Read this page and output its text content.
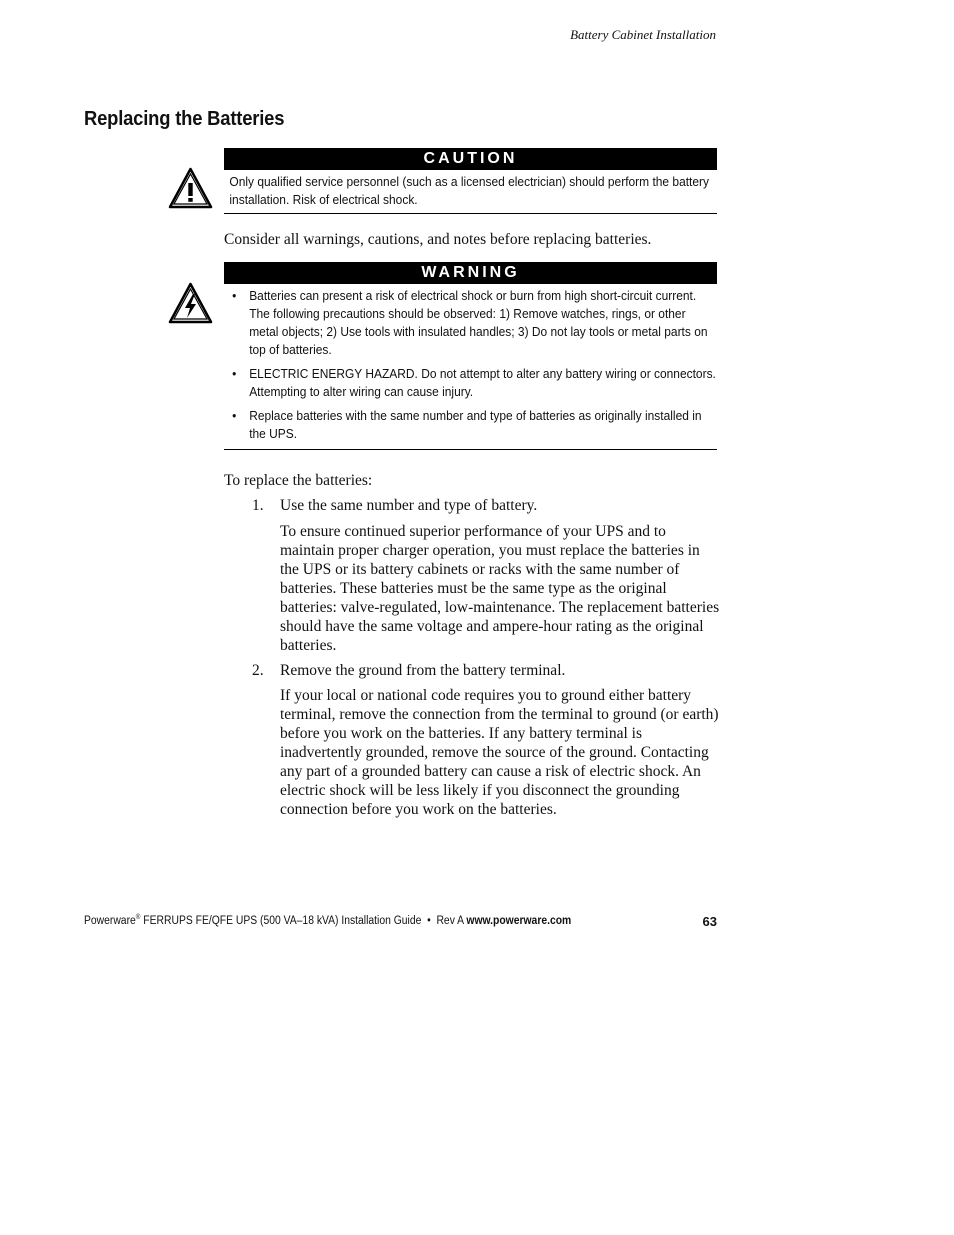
Battery Cabinet Installation
Replacing the Batteries
CAUTION
Only qualified service personnel (such as a licensed electrician) should perform the battery installation. Risk of electrical shock.
Consider all warnings, cautions, and notes before replacing batteries.
WARNING
• Batteries can present a risk of electrical shock or burn from high short-circuit current. The following precautions should be observed: 1) Remove watches, rings, or other metal objects; 2) Use tools with insulated handles; 3) Do not lay tools or metal parts on top of batteries.
• ELECTRIC ENERGY HAZARD. Do not attempt to alter any battery wiring or connectors. Attempting to alter wiring can cause injury.
• Replace batteries with the same number and type of batteries as originally installed in the UPS.
To replace the batteries:
1. Use the same number and type of battery.
To ensure continued superior performance of your UPS and to maintain proper charger operation, you must replace the batteries in the UPS or its battery cabinets or racks with the same number of batteries. These batteries must be the same type as the original batteries: valve-regulated, low-maintenance. The replacement batteries should have the same voltage and ampere-hour rating as the original batteries.
2. Remove the ground from the battery terminal.
If your local or national code requires you to ground either battery terminal, remove the connection from the terminal to ground (or earth) before you work on the batteries. If any battery terminal is inadvertently grounded, remove the source of the ground. Contacting any part of a grounded battery can cause a risk of electric shock. An electric shock will be less likely if you disconnect the grounding connection before you work on the batteries.
Powerware® FERRUPS FE/QFE UPS (500 VA–18 kVA) Installation Guide  •  Rev A www.powerware.com	63
